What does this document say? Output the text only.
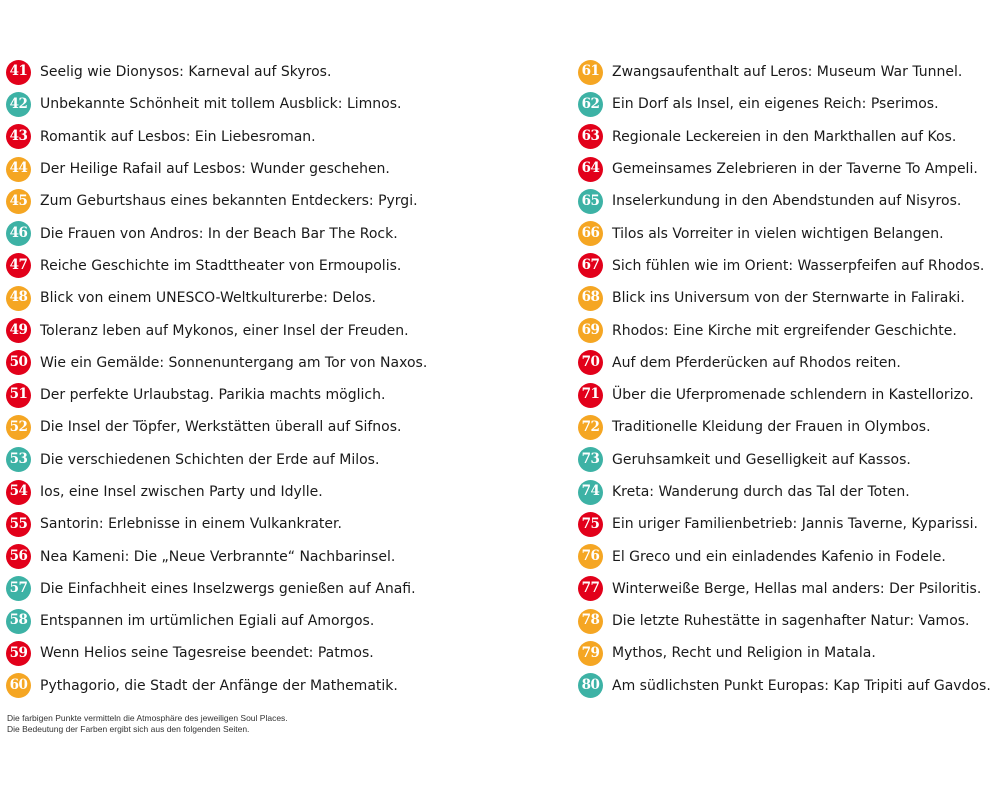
41 Seelig wie Dionysos: Karneval auf Skyros.
42 Unbekannte Schönheit mit tollem Ausblick: Limnos.
43 Romantik auf Lesbos: Ein Liebesroman.
44 Der Heilige Rafail auf Lesbos: Wunder geschehen.
45 Zum Geburtshaus eines bekannten Entdeckers: Pyrgi.
46 Die Frauen von Andros: In der Beach Bar The Rock.
47 Reiche Geschichte im Stadttheater von Ermoupolis.
48 Blick von einem UNESCO-Weltkulturerbe: Delos.
49 Toleranz leben auf Mykonos, einer Insel der Freuden.
50 Wie ein Gemälde: Sonnenuntergang am Tor von Naxos.
51 Der perfekte Urlaubstag. Parikia machts möglich.
52 Die Insel der Töpfer, Werkstätten überall auf Sifnos.
53 Die verschiedenen Schichten der Erde auf Milos.
54 Ios, eine Insel zwischen Party und Idylle.
55 Santorin: Erlebnisse in einem Vulkankrater.
56 Nea Kameni: Die „Neue Verbrannte“ Nachbarinsel.
57 Die Einfachheit eines Inselzwergs genießen auf Anafi.
58 Entspannen im urtümlichen Egiali auf Amorgos.
59 Wenn Helios seine Tagesreise beendet: Patmos.
60 Pythagorio, die Stadt der Anfänge der Mathematik.
61 Zwangsaufenthalt auf Leros: Museum War Tunnel.
62 Ein Dorf als Insel, ein eigenes Reich: Pserimos.
63 Regionale Leckereien in den Markthallen auf Kos.
64 Gemeinsames Zelebrieren in der Taverne To Ampeli.
65 Inselerkundung in den Abendstunden auf Nisyros.
66 Tilos als Vorreiter in vielen wichtigen Belangen.
67 Sich fühlen wie im Orient: Wasserpfeifen auf Rhodos.
68 Blick ins Universum von der Sternwarte in Faliraki.
69 Rhodos: Eine Kirche mit ergreifender Geschichte.
70 Auf dem Pferderücken auf Rhodos reiten.
71 Über die Uferpromenade schlendern in Kastellorizo.
72 Traditionelle Kleidung der Frauen in Olymbos.
73 Geruhsamkeit und Geselligkeit auf Kassos.
74 Kreta: Wanderung durch das Tal der Toten.
75 Ein uriger Familienbetrieb: Jannis Taverne, Kyparissi.
76 El Greco und ein einladendes Kafenio in Fodele.
77 Winterweiße Berge, Hellas mal anders: Der Psiloritis.
78 Die letzte Ruhestätte in sagenhafter Natur: Vamos.
79 Mythos, Recht und Religion in Matala.
80 Am südlichsten Punkt Europas: Kap Tripiti auf Gavdos.
Die farbigen Punkte vermitteln die Atmosphäre des jeweiligen Soul Places.
Die Bedeutung der Farben ergibt sich aus den folgenden Seiten.
